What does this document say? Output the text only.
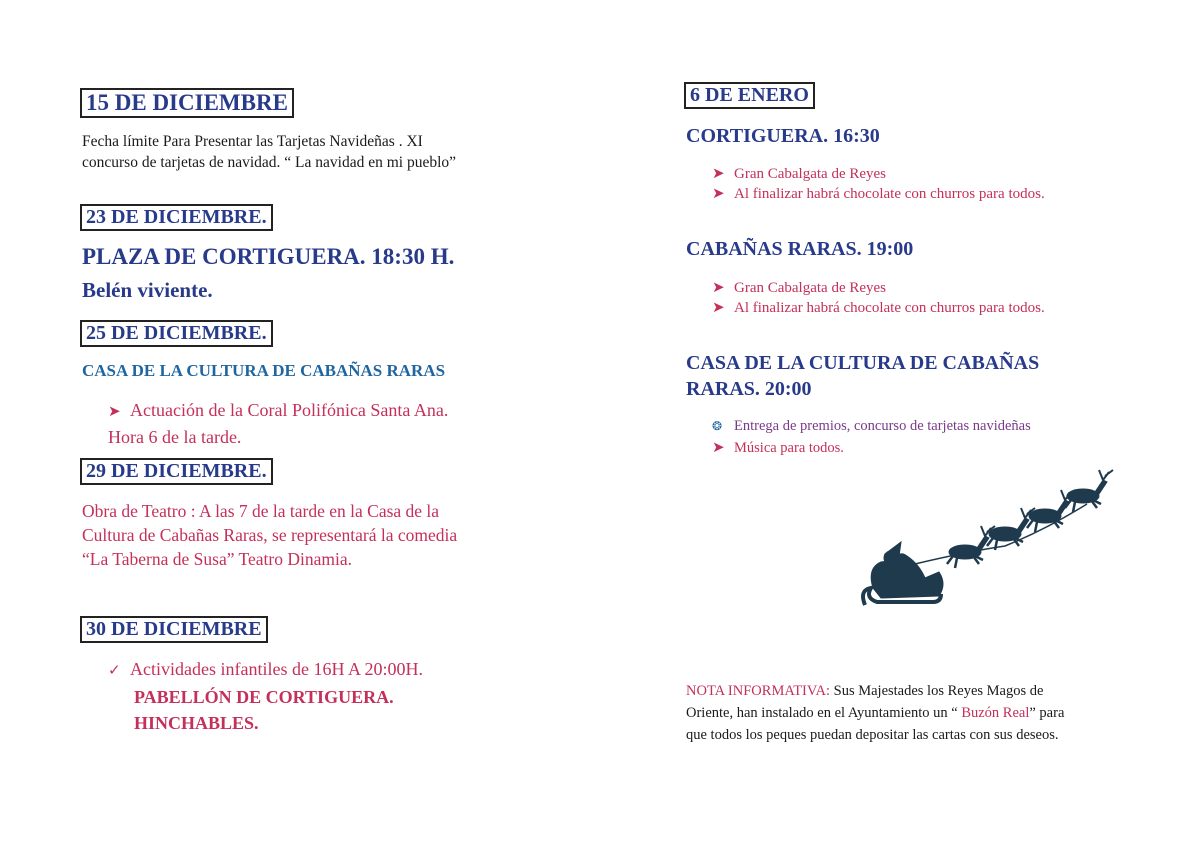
15 DE DICIEMBRE
Fecha límite Para Presentar las Tarjetas Navideñas . XI concurso de tarjetas de navidad. “ La navidad en mi pueblo”
23 DE DICIEMBRE.
PLAZA DE CORTIGUERA. 18:30 H.
Belén viviente.
25 DE DICIEMBRE.
CASA DE LA CULTURA DE CABAÑAS RARAS
➤ Actuación de la Coral Polifónica Santa Ana. Hora 6 de la tarde.
29 DE DICIEMBRE.
Obra de Teatro : A las 7 de la tarde en la Casa de la Cultura de Cabañas Raras, se representará la comedia “La Taberna de Susa” Teatro Dinamia.
30 DE DICIEMBRE
✓ Actividades infantiles de 16H A 20:00H.
PABELLÓN DE CORTIGUERA.
HINCHABLES.
6 DE ENERO
CORTIGUERA. 16:30
➤ Gran Cabalgata de Reyes
➤ Al finalizar habrá chocolate con churros para todos.
CABAÑAS RARAS. 19:00
➤ Gran Cabalgata de Reyes
➤ Al finalizar habrá chocolate con churros para todos.
CASA DE LA CULTURA DE CABAÑAS RARAS. 20:00
❂ Entrega de premios, concurso de tarjetas navideñas
➤ Música para todos.
NOTA INFORMATIVA: Sus Majestades los Reyes Magos de Oriente, han instalado en el Ayuntamiento un “ Buzón Real” para que todos los peques puedan depositar las cartas con sus deseos.
